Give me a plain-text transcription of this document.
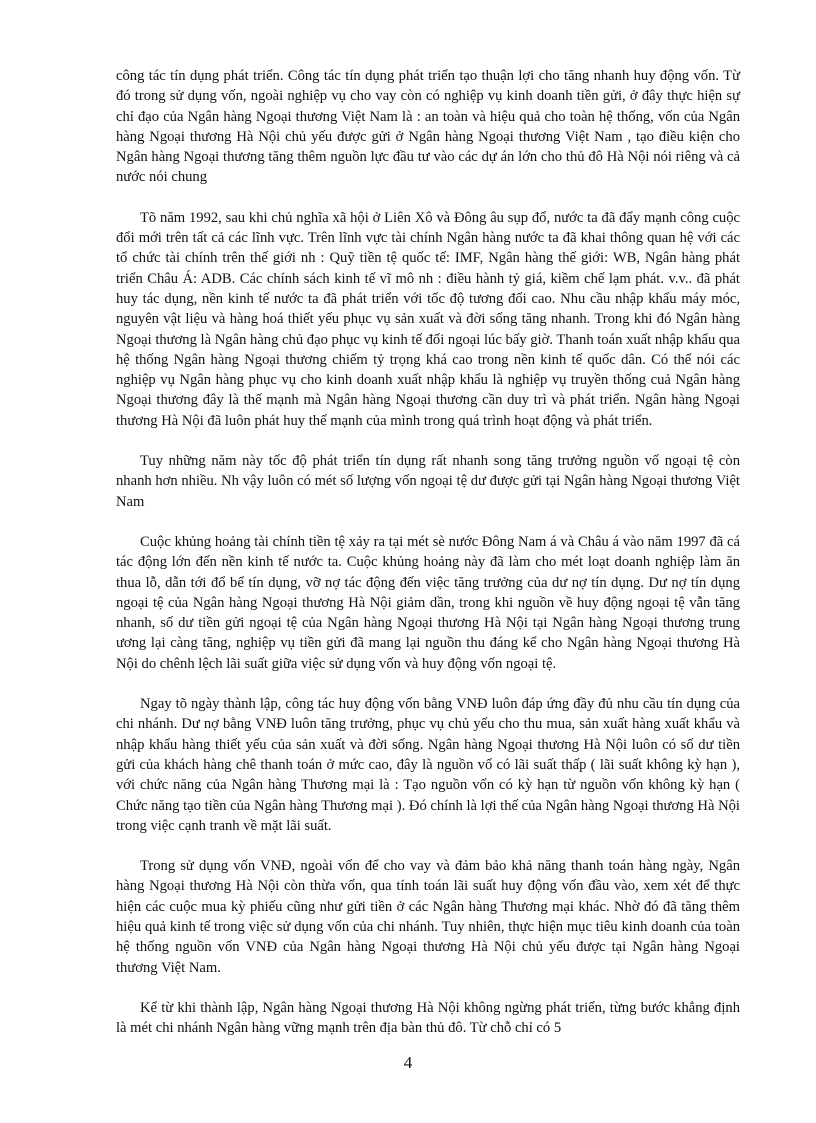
công tác tín dụng phát triển. Công tác tín dụng phát triển tạo thuận lợi cho tăng nhanh huy động vốn. Từ đó trong sử dụng vốn, ngoài nghiệp vụ cho vay còn có nghiệp vụ kinh doanh tiền gửi, ở đây thực hiện sự chỉ đạo của Ngân hàng Ngoại thương Việt Nam là : an toàn và hiệu quả cho toàn hệ thống, vốn của Ngân hàng Ngoại thương Hà Nội chủ yếu được gửi ở Ngân hàng Ngoại thương Việt Nam , tạo điều kiện cho Ngân hàng Ngoại thương tăng thêm nguồn lực đầu tư vào các dự án lớn cho thủ đô Hà Nội nói riêng và cả nước nói chung
Tõ năm 1992, sau khi chủ nghĩa xã hội ở Liên Xô và Đông âu sụp đổ, nước ta đã đẩy mạnh công cuộc đổi mới trên tất cả các lĩnh vực. Trên lĩnh vực tài chính Ngân hàng nước ta đã khai thông quan hệ với các tổ chức tài chính trên thế giới nh : Quỹ tiền tệ quốc tế: IMF, Ngân hàng thế giới: WB, Ngân hàng phát triển Châu Á: ADB. Các chính sách kinh tế vĩ mô nh : điều hành tỷ giá, kiềm chế lạm phát. v.v.. đã phát huy tác dụng, nền kinh tế nước ta đã phát triển với tốc độ tương đối cao. Nhu cầu nhập khẩu máy móc, nguyên vật liệu và hàng hoá thiết yếu phục vụ sản xuất và đời sống tăng nhanh. Trong khi đó Ngân hàng Ngoại thương là Ngân hàng chủ đạo phục vụ kinh tế đối ngoại lúc bấy giờ. Thanh toán xuất nhập khẩu qua hệ thống Ngân hàng Ngoại thương chiếm tỷ trọng khá cao trong nền kinh tế quốc dân. Có thể nói các nghiệp vụ Ngân hàng phục vụ cho kinh doanh xuất nhập khẩu là nghiệp vụ truyền thống cuả Ngân hàng Ngoại thương đây là thế mạnh mà Ngân hàng Ngoại thương cần duy trì và phát triển. Ngân hàng Ngoại thương Hà Nội đã luôn phát huy thế mạnh của mình trong quá trình hoạt động và phát triển.
Tuy những năm này tốc độ phát triển tín dụng rất nhanh song tăng trưởng nguồn vố ngoại tệ còn nhanh hơn nhiều. Nh vậy luôn có mét số lượng vốn ngoại tệ dư được gửi tại Ngân hàng Ngoại thương Việt Nam
Cuộc khủng hoảng tài chính tiền tệ xảy ra tại mét sè nước Đông Nam á và Châu á vào năm 1997 đã cá tác động lớn đến nền kinh tế nước ta. Cuộc khủng hoảng này đã làm cho mét loạt doanh nghiệp làm ăn thua lỗ, dẫn tới đổ bể tín dụng, vỡ nợ tác động đến việc tăng trưởng của dư nợ tín dụng. Dư nợ tín dụng ngoại tệ của Ngân hàng Ngoại thương Hà Nội giảm dần, trong khi nguồn về huy động ngoại tệ vẫn tăng nhanh, số dư tiền gửi ngoại tệ của Ngân hàng Ngoại thương Hà Nội tại Ngân hàng Ngoại thương trung ương lại càng tăng, nghiệp vụ tiền gửi đã mang lại nguồn thu đáng kể cho Ngân hàng Ngoại thương Hà Nội do chênh lệch lãi suất giữa việc sử dụng vốn và huy động vốn ngoại tệ.
Ngay tõ ngày thành lập, công tác huy động vốn bằng VNĐ luôn đáp ứng đầy đủ nhu cầu tín dụng của chi nhánh. Dư nợ bằng VNĐ luôn tăng trưởng, phục vụ chủ yếu cho thu mua, sản xuất hàng xuất khẩu và nhập khẩu hàng thiết yếu của sản xuất và đời sống. Ngân hàng Ngoại thương Hà Nội luôn có số dư tiền gửi của khách hàng chê thanh toán ở mức cao, đây là nguồn vố có lãi suất thấp ( lãi suất không kỳ hạn ), với chức năng của Ngân hàng Thương mại là : Tạo nguồn vốn có kỳ hạn từ nguồn vốn không kỳ hạn ( Chức năng tạo tiền của Ngân hàng Thương mại ). Đó chính là lợi thế của Ngân hàng Ngoại thương Hà Nội trong việc cạnh tranh về mặt lãi suất.
Trong sử dụng vốn VNĐ, ngoài vốn để cho vay và đảm bảo khả năng thanh toán hàng ngày, Ngân hàng Ngoại thương Hà Nội còn thừa vốn, qua tính toán lãi suất huy động vốn đầu vào, xem xét để thực hiện các cuộc mua kỳ phiếu cũng như gửi tiền ở các Ngân hàng Thương mại khác. Nhờ đó đã tăng thêm hiệu quả kinh tế trong việc sử dụng vốn của chi nhánh. Tuy nhiên, thực hiện mục tiêu kinh doanh của toàn hệ thống nguồn vốn VNĐ của Ngân hàng Ngoại thương Hà Nội chủ yếu được tại Ngân hàng Ngoại thương Việt Nam.
Kể từ khi thành lập, Ngân hàng Ngoại thương Hà Nội không ngừng phát triển, từng bước khẳng định là mét chi nhánh Ngân hàng vững mạnh trên địa bàn thủ đô. Từ chỗ chỉ có 5
4
